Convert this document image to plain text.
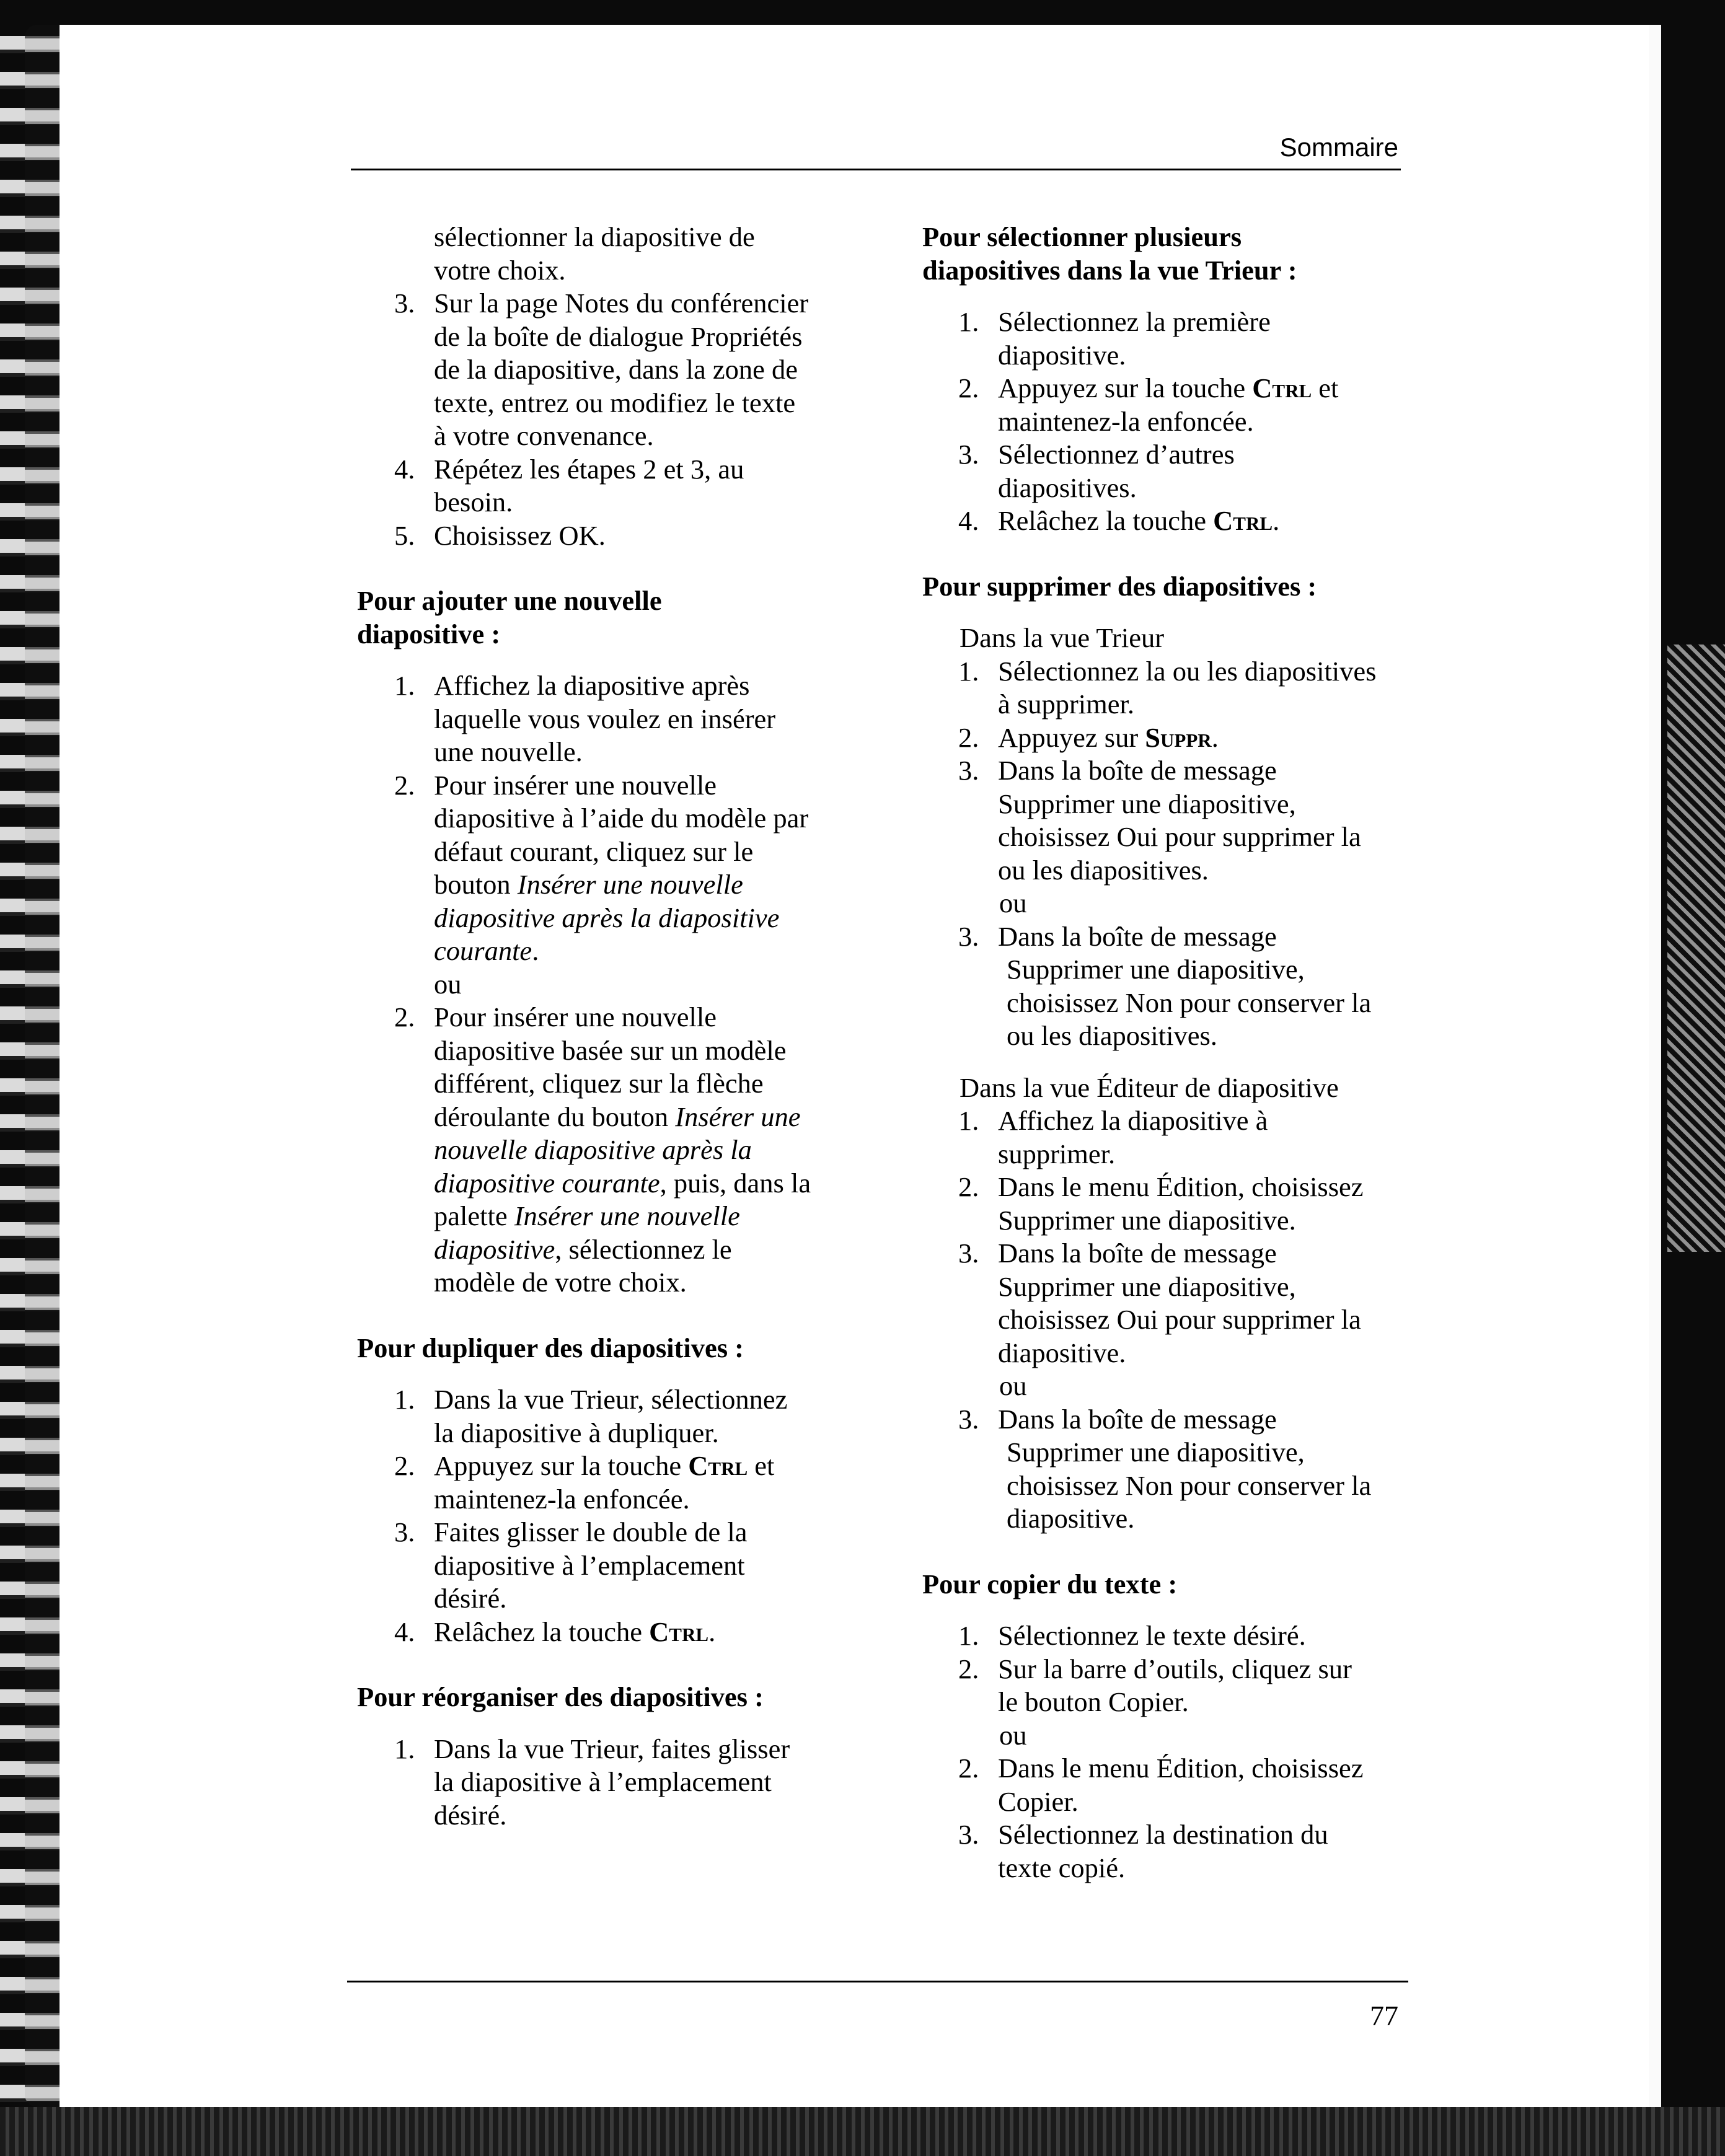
Sommaire
sélectionner la diapositive de
votre choix.
3. Sur la page Notes du conférencier
de la boîte de dialogue Propriétés
de la diapositive, dans la zone de
texte, entrez ou modifiez le texte
à votre convenance.
4. Répétez les étapes 2 et 3, au
besoin.
5. Choisissez OK.
Pour ajouter une nouvelle
diapositive :
1. Affichez la diapositive après
laquelle vous voulez en insérer
une nouvelle.
2. Pour insérer une nouvelle
diapositive à l’aide du modèle par
défaut courant, cliquez sur le
bouton Insérer une nouvelle
diapositive après la diapositive
courante.
ou
2. Pour insérer une nouvelle
diapositive basée sur un modèle
différent, cliquez sur la flèche
déroulante du bouton Insérer une
nouvelle diapositive après la
diapositive courante, puis, dans la
palette Insérer une nouvelle
diapositive, sélectionnez le
modèle de votre choix.
Pour dupliquer des diapositives :
1. Dans la vue Trieur, sélectionnez
la diapositive à dupliquer.
2. Appuyez sur la touche Ctrl et
maintenez-la enfoncée.
3. Faites glisser le double de la
diapositive à l’emplacement
désiré.
4. Relâchez la touche Ctrl.
Pour réorganiser des diapositives :
1. Dans la vue Trieur, faites glisser
la diapositive à l’emplacement
désiré.
Pour sélectionner plusieurs
diapositives dans la vue Trieur :
1. Sélectionnez la première
diapositive.
2. Appuyez sur la touche Ctrl et
maintenez-la enfoncée.
3. Sélectionnez d’autres
diapositives.
4. Relâchez la touche Ctrl.
Pour supprimer des diapositives :
Dans la vue Trieur
1. Sélectionnez la ou les diapositives
à supprimer.
2. Appuyez sur Suppr.
3. Dans la boîte de message
Supprimer une diapositive,
choisissez Oui pour supprimer la
ou les diapositives.
ou
3. Dans la boîte de message
Supprimer une diapositive,
choisissez Non pour conserver la
ou les diapositives.
Dans la vue Éditeur de diapositive
1. Affichez la diapositive à
supprimer.
2. Dans le menu Édition, choisissez
Supprimer une diapositive.
3. Dans la boîte de message
Supprimer une diapositive,
choisissez Oui pour supprimer la
diapositive.
ou
3. Dans la boîte de message
Supprimer une diapositive,
choisissez Non pour conserver la
diapositive.
Pour copier du texte :
1. Sélectionnez le texte désiré.
2. Sur la barre d’outils, cliquez sur
le bouton Copier.
ou
2. Dans le menu Édition, choisissez
Copier.
3. Sélectionnez la destination du
texte copié.
77
